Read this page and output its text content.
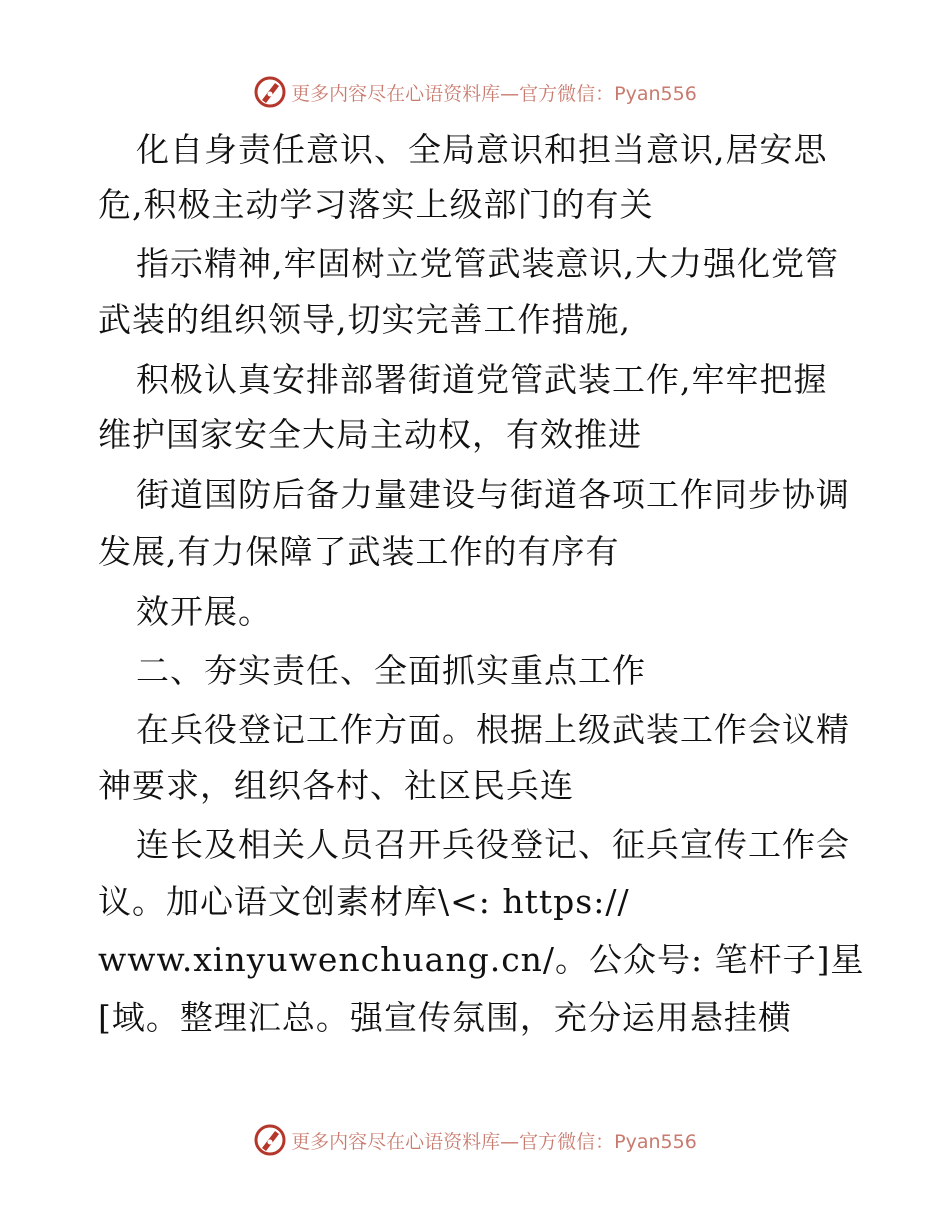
更多内容尽在心语资料库—官方微信：Pyan556
化自身责任意识、全局意识和担当意识,居安思
危,积极主动学习落实上级部门的有关
指示精神,牢固树立党管武装意识,大力强化党管
武装的组织领导,切实完善工作措施,
积极认真安排部署街道党管武装工作,牢牢把握
维护国家安全大局主动权，有效推进
街道国防后备力量建设与街道各项工作同步协调
发展,有力保障了武装工作的有序有
效开展。
二、夯实责任、全面抓实重点工作
在兵役登记工作方面。根据上级武装工作会议精
神要求，组织各村、社区民兵连
连长及相关人员召开兵役登记、征兵宣传工作会
议。加心语文创素材库\<: https://
www.xinyuwenchuang.cn/。公众号: 笔杆子]星
[域。整理汇总。强宣传氛围，充分运用悬挂横
更多内容尽在心语资料库—官方微信：Pyan556
